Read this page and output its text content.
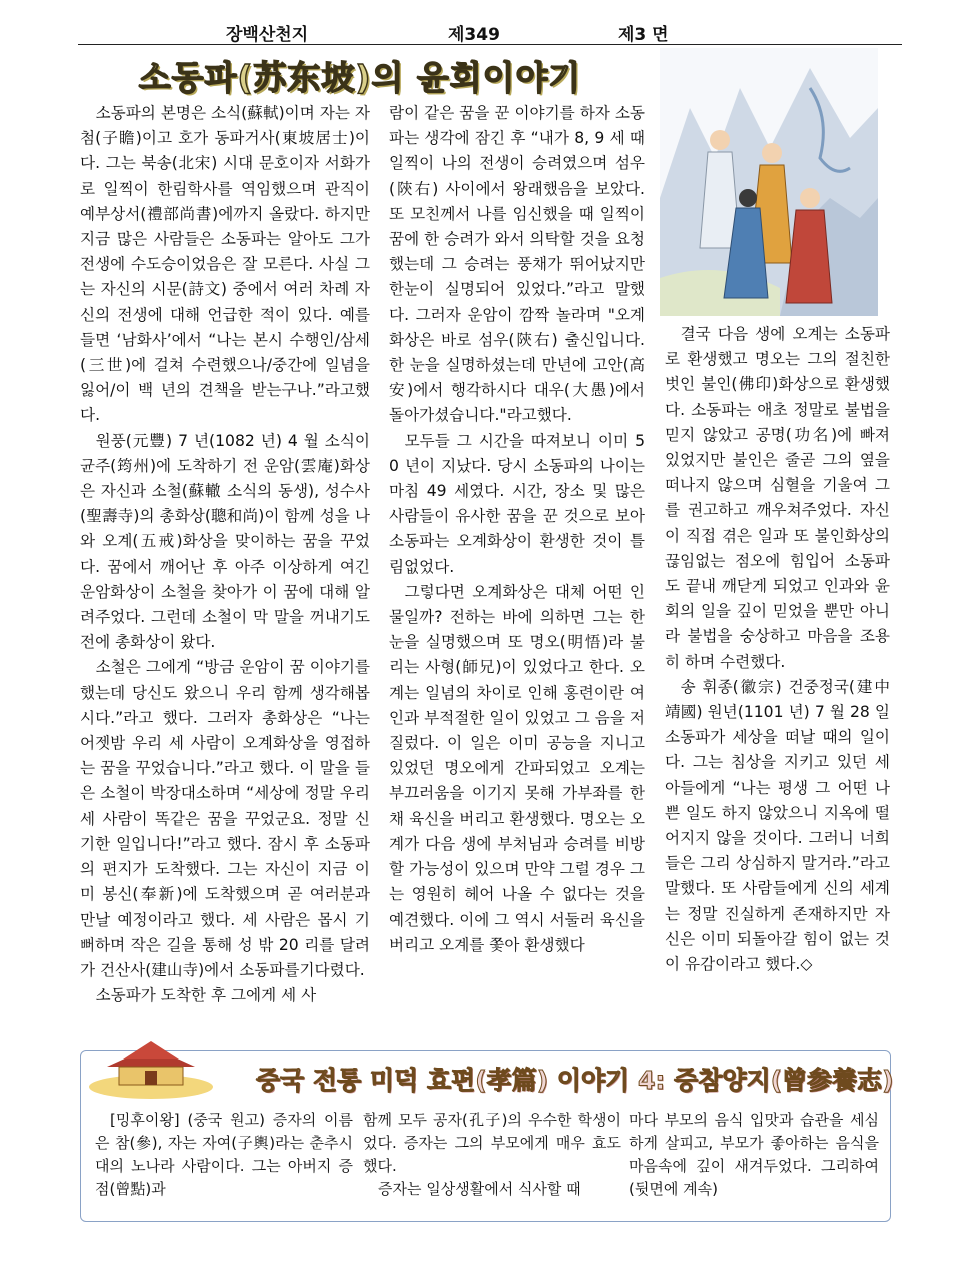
장백산천지	제349	제3 면
소동파(苏东坡)의 윤회이야기

소동파의 본명은 소식(蘇軾)이며 자는 자첨(子瞻)이고 호가 동파거사(東坡居士)이다. 그는 북송(北宋) 시대 문호이자 서화가로 일찍이 한림학사를 역임했으며 관직이 예부상서(禮部尚書)에까지 올랐다. 하지만 지금 많은 사람들은 소동파는 알아도 그가 전생에 수도승이었음은 잘 모른다. 사실 그는 자신의 시문(詩文) 중에서 여러 차례 자신의 전생에 대해 언급한 적이 있다. 예를 들면 ‘남화사’에서 “나는 본시 수행인/삼세(三世)에 걸쳐 수련했으나/중간에 일념을 잃어/이 백 년의 견책을 받는구나.”라고했다.

원풍(元豐) 7 년(1082 년) 4 월 소식이 균주(筠州)에 도착하기 전 운암(雲庵)화상은 자신과 소철(蘇轍 소식의 동생), 성수사(聖壽寺)의 총화상(聰和尚)이 함께 성을 나와 오계(五戒)화상을 맞이하는 꿈을 꾸었다. 꿈에서 깨어난 후 아주 이상하게 여긴 운암화상이 소철을 찾아가 이 꿈에 대해 알려주었다. 그런데 소철이 막 말을 꺼내기도 전에 총화상이 왔다.

소철은 그에게 “방금 운암이 꿈 이야기를 했는데 당신도 왔으니 우리 함께 생각해봅시다.”라고 했다. 그러자 총화상은 “나는 어젯밤 우리 세 사람이 오계화상을 영접하는 꿈을 꾸었습니다.”라고 했다. 이 말을 들은 소철이 박장대소하며 “세상에 정말 우리 세 사람이 똑같은 꿈을 꾸었군요. 정말 신기한 일입니다!”라고 했다. 잠시 후 소동파의 편지가 도착했다. 그는 자신이 지금 이미 봉신(奉新)에 도착했으며 곧 여러분과 만날 예정이라고 했다. 세 사람은 몹시 기뻐하며 작은 길을 통해 성 밖 20 리를 달려가 건산사(建山寺)에서 소동파를기다렸다.

소동파가 도착한 후 그에게 세 사

람이 같은 꿈을 꾼 이야기를 하자 소동파는 생각에 잠긴 후 “내가 8, 9 세 때 일찍이 나의 전생이 승려였으며 섬우(陝右) 사이에서 왕래했음을 보았다. 또 모친께서 나를 임신했을 때 일찍이 꿈에 한 승려가 와서 의탁할 것을 요청했는데 그 승려는 풍채가 뛰어났지만 한눈이 실명되어 있었다.”라고 말했다. 그러자 운암이 깜짝 놀라며 "오계화상은 바로 섬우(陝右) 출신입니다. 한 눈을 실명하셨는데 만년에 고안(高安)에서 행각하시다 대우(大愚)에서 돌아가셨습니다."라고했다.

모두들 그 시간을 따져보니 이미 50 년이 지났다. 당시 소동파의 나이는 마침 49 세였다. 시간, 장소 및 많은 사람들이 유사한 꿈을 꾼 것으로 보아 소동파는 오계화상이 환생한 것이 틀림없었다.

그렇다면 오계화상은 대체 어떤 인물일까? 전하는 바에 의하면 그는 한눈을 실명했으며 또 명오(明悟)라 불리는 사형(師兄)이 있었다고 한다. 오계는 일념의 차이로 인해 홍련이란 여인과 부적절한 일이 있었고 그 음을 저질렀다. 이 일은 이미 공능을 지니고 있었던 명오에게 간파되었고 오계는 부끄러움을 이기지 못해 가부좌를 한 채 육신을 버리고 환생했다. 명오는 오계가 다음 생에 부처님과 승려를 비방할 가능성이 있으며 만약 그럴 경우 그는 영원히 헤어 나올 수 없다는 것을 예견했다. 이에 그 역시 서둘러 육신을 버리고 오계를 쫓아 환생했다

결국 다음 생에 오계는 소동파로 환생했고 명오는 그의 절친한 벗인 불인(佛印)화상으로 환생했다. 소동파는 애초 정말로 불법을 믿지 않았고 공명(功名)에 빠져 있었지만 불인은 줄곧 그의 옆을 떠나지 않으며 심혈을 기울여 그를 권고하고 깨우쳐주었다. 자신이 직접 겪은 일과 또 불인화상의 끊임없는 점오에 힘입어 소동파도 끝내 깨닫게 되었고 인과와 윤회의 일을 깊이 믿었을 뿐만 아니라 불법을 숭상하고 마음을 조용히 하며 수련했다.

송 휘종(徽宗) 건중정국(建中靖國) 원년(1101 년) 7 월 28 일 소동파가 세상을 떠날 때의 일이다. 그는 침상을 지키고 있던 세 아들에게 “나는 평생 그 어떤 나쁜 일도 하지 않았으니 지옥에 떨어지지 않을 것이다. 그러니 너희들은 그리 상심하지 말거라.”라고 말했다. 또 사람들에게 신의 세계는 정말 진실하게 존재하지만 자신은 이미 되돌아갈 힘이 없는 것이 유감이라고 했다.◇

중국 전통 미덕 효편(孝篇) 이야기 4: 증참양지(曾参養志)

[밍후이왕] (중국 원고) 증자의 이름은 참(參), 자는 자여(子輿)라는 춘추시대의 노나라 사람이다. 그는 아버지 증점(曾點)과

함께 모두 공자(孔子)의 우수한 학생이었다. 증자는 그의 부모에게 매우 효도했다.

증자는 일상생활에서 식사할 때

마다 부모의 음식 입맛과 습관을 세심하게 살피고, 부모가 좋아하는 음식을 마음속에 깊이 새겨두었다. 그리하여 (뒷면에 계속)
